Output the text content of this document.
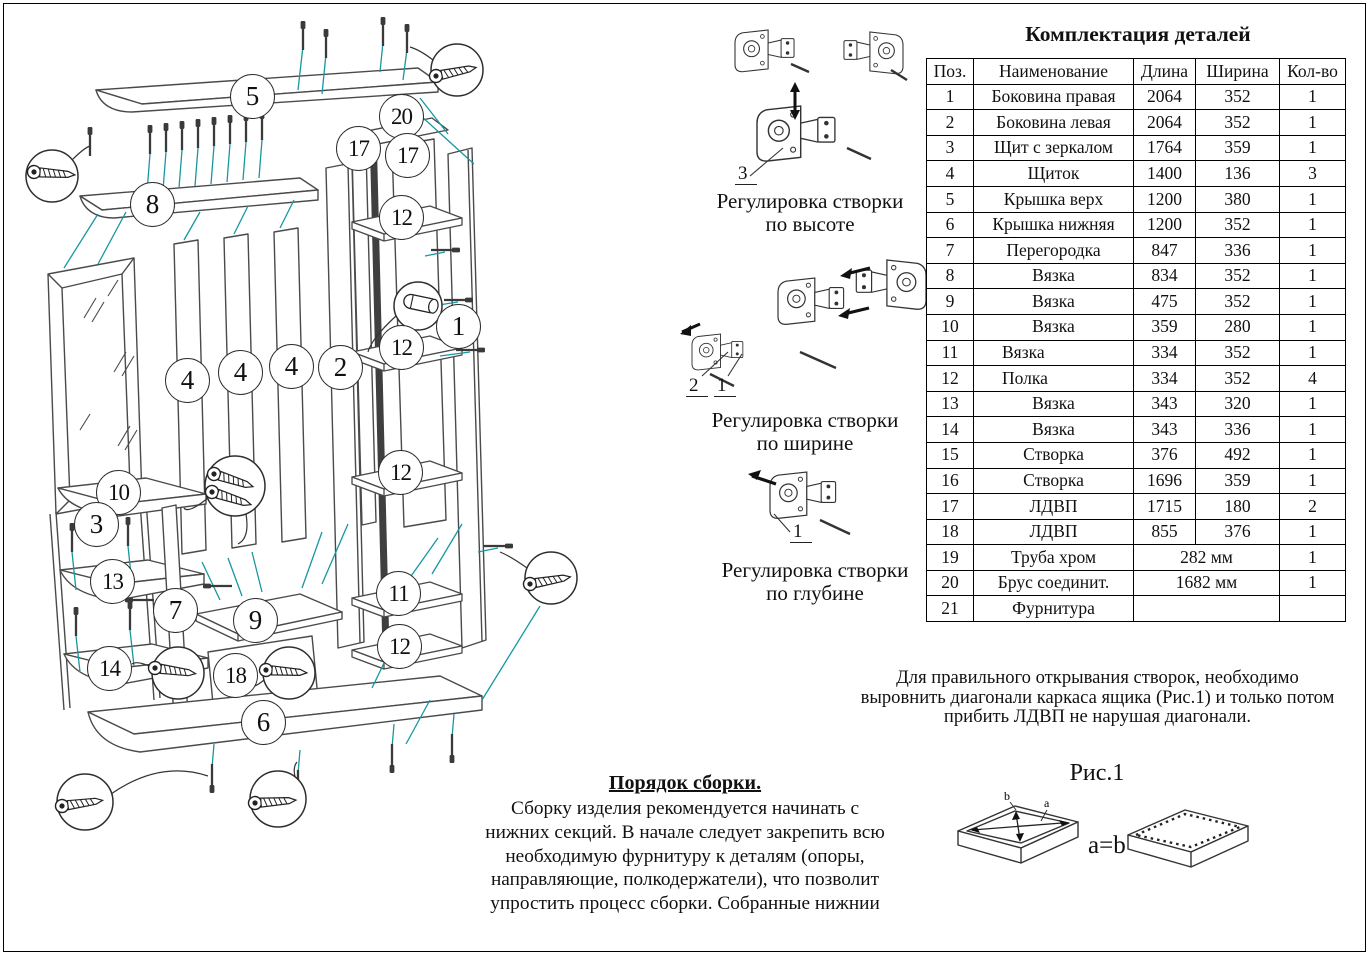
5
8
20
17	17
12
1
12
2
4	4	4
10
3
12
13	11
7	9
12
14	18
6
Регулировка створки
по высоте
3
Регулировка створки
по ширине
2 1
Регулировка створки
по глубине
1
Комплектация деталей
Поз.	Наименование	Длина	Ширина	Кол-во
1	Боковина правая	2064	352	1
2	Боковина левая	2064	352	1
3	Щит с зеркалом	1764	359	1
4	Щиток	1400	136	3
5	Крышка верх	1200	380	1
6	Крышка нижняя	1200	352	1
7	Перегородка	847	336	1
8	Вязка	834	352	1
9	Вязка	475	352	1
10	Вязка	359	280	1
11	Вязка	334	352	1
12	Полка	334	352	4
13	Вязка	343	320	1
14	Вязка	343	336	1
15	Створка	376	492	1
16	Створка	1696	359	1
17	ЛДВП	1715	180	2
18	ЛДВП	855	376	1
19	Труба хром	282 мм		1
20	Брус соединит.	1682 мм		1
21	Фурнитура			
Для правильного открывания створок, необходимо
выровнить диагонали каркаса ящика (Рис.1) и только потом
прибить ЛДВП не нарушая диагонали.
Рис.1
a=b
b	a
Порядок сборки.
Сборку изделия рекомендуется начинать с
нижних секций. В начале следует закрепить всю
необходимую фурнитуру к деталям (опоры,
направляющие, полкодержатели), что позволит
упростить процесс сборки. Собранные нижнии
